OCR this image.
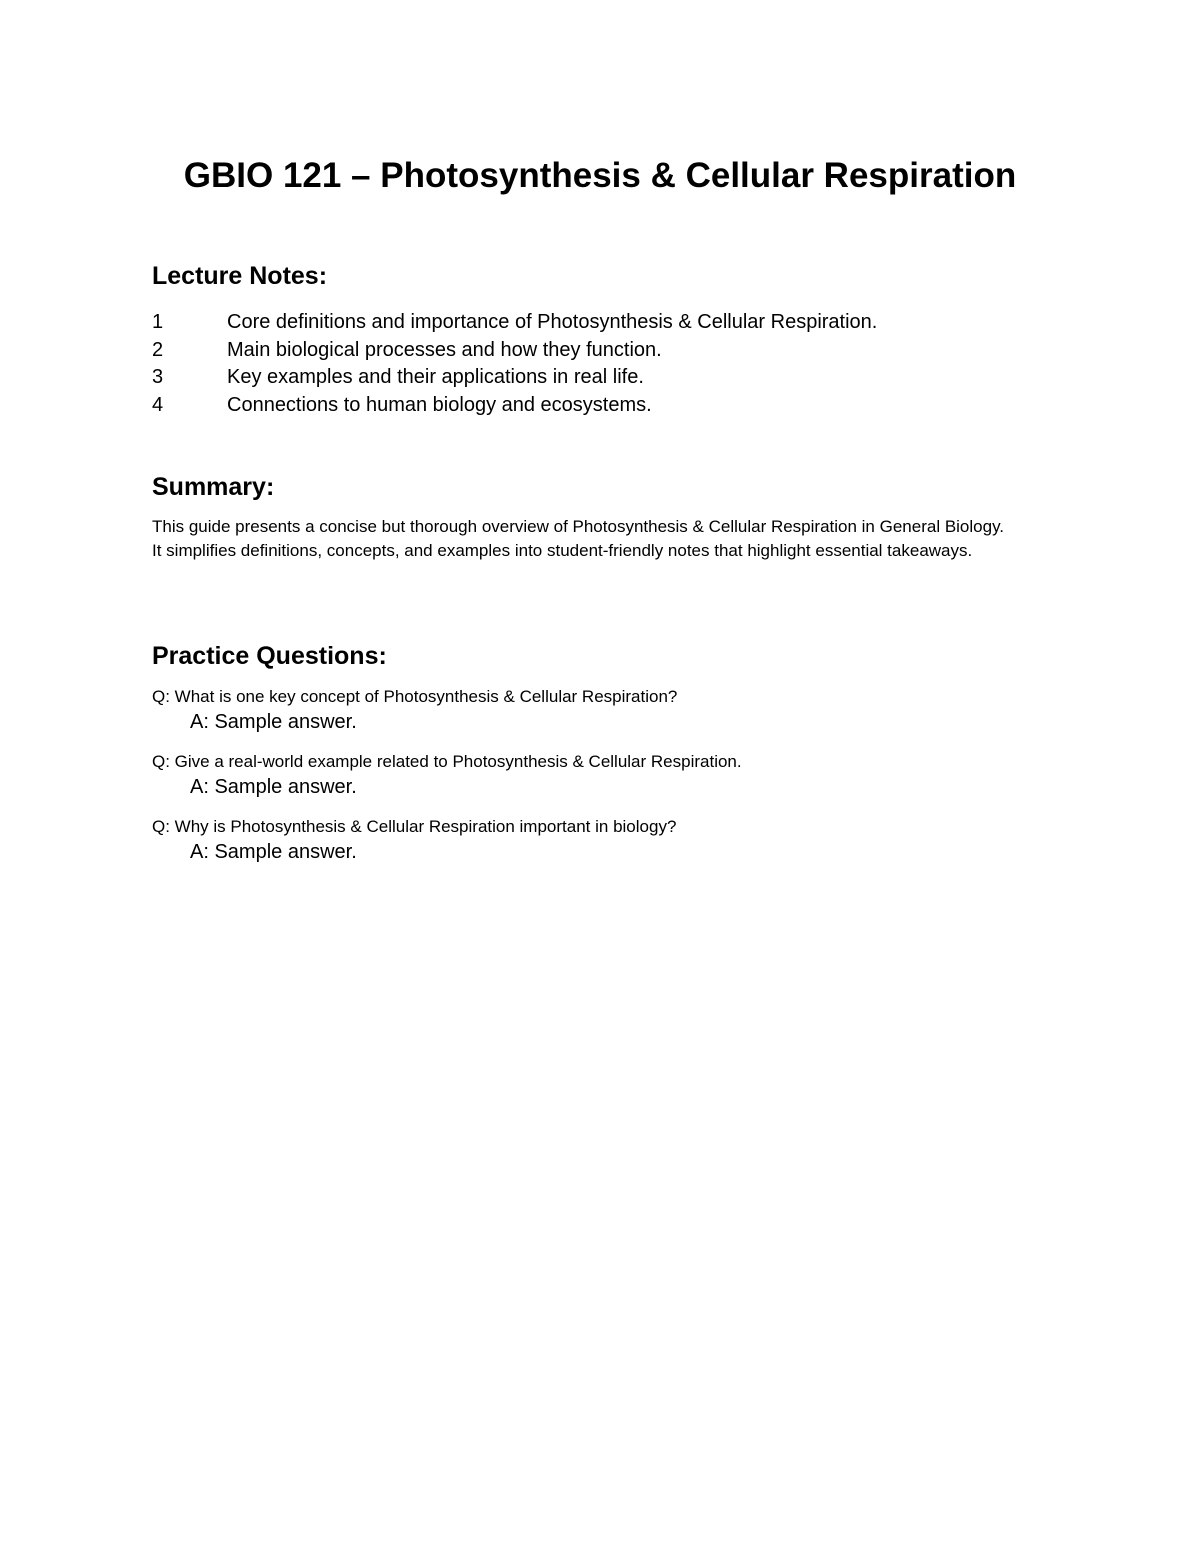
GBIO 121 – Photosynthesis & Cellular Respiration
Lecture Notes:
1	Core definitions and importance of Photosynthesis & Cellular Respiration.
2	Main biological processes and how they function.
3	Key examples and their applications in real life.
4	Connections to human biology and ecosystems.
Summary:
This guide presents a concise but thorough overview of Photosynthesis & Cellular Respiration in General Biology. It simplifies definitions, concepts, and examples into student-friendly notes that highlight essential takeaways.
Practice Questions:
Q: What is one key concept of Photosynthesis & Cellular Respiration?
A: Sample answer.
Q: Give a real-world example related to Photosynthesis & Cellular Respiration.
A: Sample answer.
Q: Why is Photosynthesis & Cellular Respiration important in biology?
A: Sample answer.
